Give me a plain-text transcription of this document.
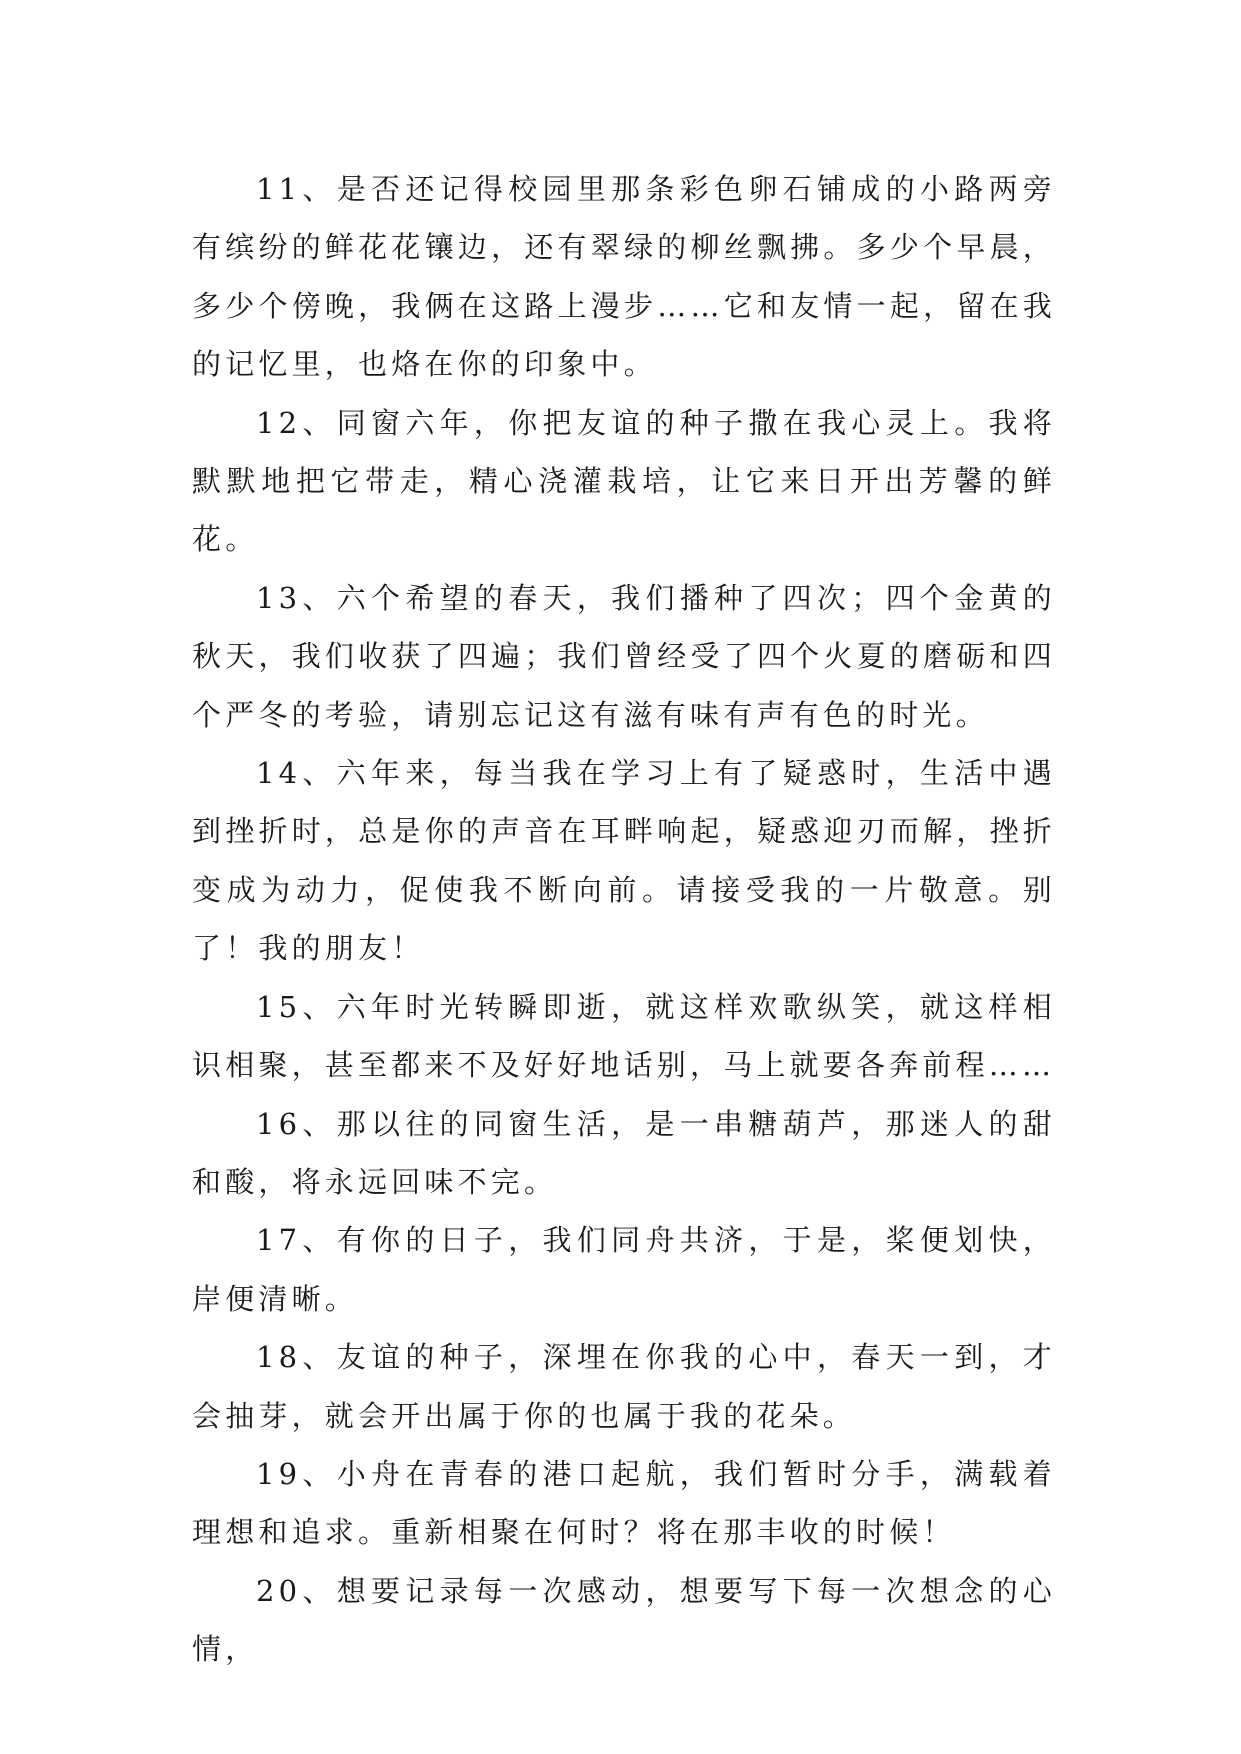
11、是否还记得校园里那条彩色卵石铺成的小路两旁有缤纷的鲜花花镶边，还有翠绿的柳丝飘拂。多少个早晨，多少个傍晚，我俩在这路上漫步……它和友情一起，留在我的记忆里，也烙在你的印象中。

12、同窗六年，你把友谊的种子撒在我心灵上。我将默默地把它带走，精心浇灌栽培，让它来日开出芳馨的鲜花。

13、六个希望的春天，我们播种了四次；四个金黄的秋天，我们收获了四遍；我们曾经受了四个火夏的磨砺和四个严冬的考验，请别忘记这有滋有味有声有色的时光。

14、六年来，每当我在学习上有了疑惑时，生活中遇到挫折时，总是你的声音在耳畔响起，疑惑迎刃而解，挫折变成为动力，促使我不断向前。请接受我的一片敬意。别了！我的朋友！

15、六年时光转瞬即逝，就这样欢歌纵笑，就这样相识相聚，甚至都来不及好好地话别，马上就要各奔前程……

16、那以往的同窗生活，是一串糖葫芦，那迷人的甜和酸，将永远回味不完。

17、有你的日子，我们同舟共济，于是，桨便划快，岸便清晰。

18、友谊的种子，深埋在你我的心中，春天一到，才会抽芽，就会开出属于你的也属于我的花朵。

19、小舟在青春的港口起航，我们暂时分手，满载着理想和追求。重新相聚在何时？将在那丰收的时候！

20、想要记录每一次感动，想要写下每一次想念的心情，
